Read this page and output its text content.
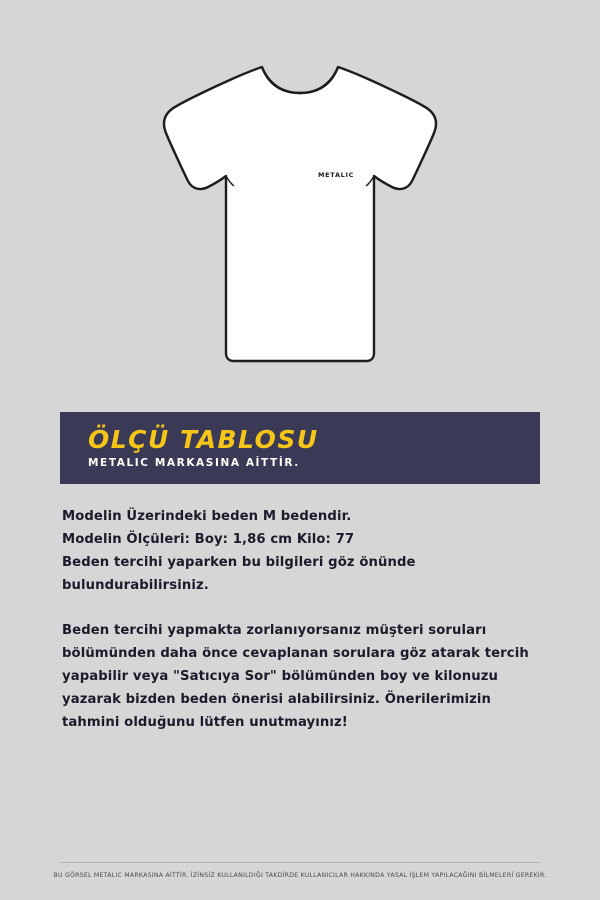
METALIC
ÖLÇÜ TABLOSU
METALIC MARKASINA AİTTİR.

Modelin Üzerindeki beden M bedendir.

Modelin Ölçüleri: Boy: 1,86 cm Kilo: 77

Beden tercihi yaparken bu bilgileri göz önünde bulundurabilirsiniz.

Beden tercihi yapmakta zorlanıyorsanız müşteri soruları bölümünden daha önce cevaplanan sorulara göz atarak tercih yapabilir veya "Satıcıya Sor" bölümünden boy ve kilonuzu yazarak bizden beden önerisi alabilirsiniz. Önerilerimizin tahmini olduğunu lütfen unutmayınız!

BU GÖRSEL METALIC MARKASINA AİTTİR. İZİNSİZ KULLANILDIĞI TAKDİRDE KULLANICILAR HAKKINDA YASAL İŞLEM YAPILACAĞINI BİLMELERİ GEREKİR.
